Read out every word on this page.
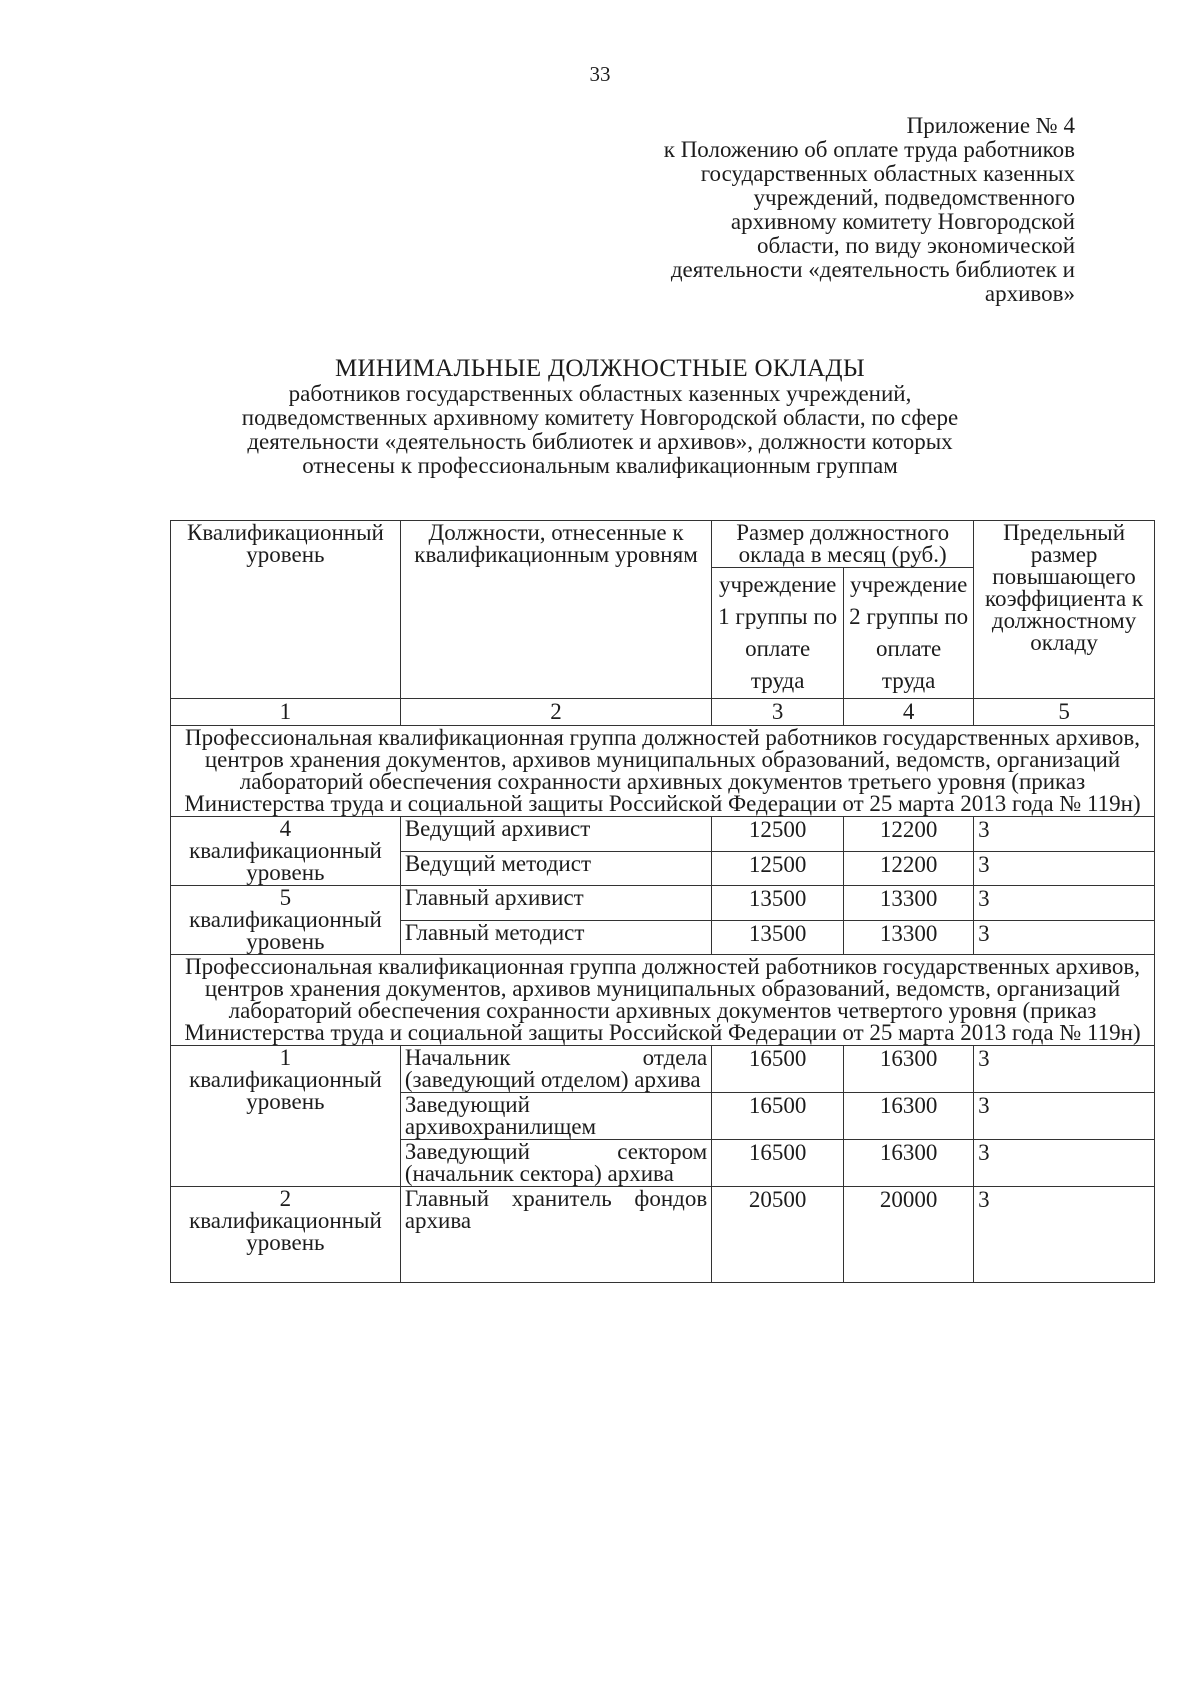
33
Приложение № 4
к Положению об оплате труда работников
государственных областных казенных
учреждений, подведомственного
архивному комитету Новгородской
области, по виду экономической
деятельности «деятельность библиотек и
архивов»
МИНИМАЛЬНЫЕ ДОЛЖНОСТНЫЕ ОКЛАДЫ
работников государственных областных казенных учреждений,
подведомственных архивному комитету Новгородской области, по сфере
деятельности «деятельность библиотек и архивов», должности которых
отнесены к профессиональным квалификационным группам
Квалификационный уровень	Должности, отнесенные к квалификационным уровням	Размер должностного оклада в месяц (руб.)		Предельный размер повышающего коэффициента к должностному окладу
		учреждение 1 группы по оплате труда	учреждение 2 группы по оплате труда	
1	2	3	4	5
Профессиональная квалификационная группа должностей работников государственных архивов, центров хранения документов, архивов муниципальных образований, ведомств, организаций лабораторий обеспечения сохранности архивных документов третьего уровня (приказ Министерства труда и социальной защиты Российской Федерации от 25 марта 2013 года № 119н)				

4
квалификационный уровень	Ведущий архивист	12500	12200	3
	Ведущий методист	12500	12200	3

5
квалификационный уровень	Главный архивист	13500	13300	3
	Главный методист	13500	13300	3
Профессиональная квалификационная группа должностей работников государственных архивов, центров хранения документов, архивов муниципальных образований, ведомств, организаций лабораторий обеспечения сохранности архивных документов четвертого уровня (приказ Министерства труда и социальной защиты Российской Федерации от 25 марта 2013 года № 119н)				

1
квалификационный уровень	Начальник отдела (заведующий отделом) архива	16500	16300	3
	Заведующий архивохранилищем	16500	16300	3
	Заведующий сектором (начальник сектора) архива	16500	16300	3

2
квалификационный уровень	Главный хранитель фондов архива	20500	20000	3
